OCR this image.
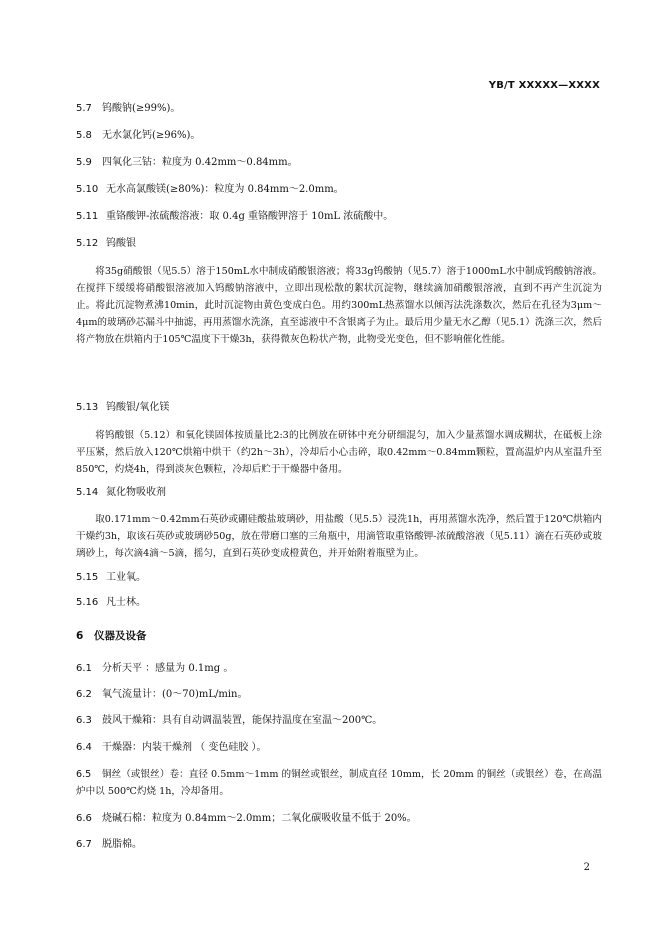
YB/T XXXXX—XXXX

5.7 钨酸钠(≥99%)。

5.8 无水氯化钙(≥96%)。

5.9 四氧化三钴：粒度为 0.42mm～0.84mm。

5.10 无水高氯酸镁(≥80%)：粒度为 0.84mm～2.0mm。

5.11 重铬酸钾-浓硫酸溶液：取 0.4g 重铬酸钾溶于 10mL 浓硫酸中。

5.12 钨酸银

将35g硝酸银（见5.5）溶于150mL水中制成硝酸银溶液；将33g钨酸钠（见5.7）溶于1000mL水中制成钨酸钠溶液。在搅拌下缓缓将硝酸银溶液加入钨酸钠溶液中，立即出现松散的絮状沉淀物，继续滴加硝酸银溶液，直到不再产生沉淀为止。将此沉淀物煮沸10min，此时沉淀物由黄色变成白色。用约300mL热蒸馏水以倾泻法洗涤数次，然后在孔径为3μm～4μm的玻璃砂芯漏斗中抽滤，再用蒸馏水洗涤，直至滤液中不含银离子为止。最后用少量无水乙醇（见5.1）洗涤三次，然后将产物放在烘箱内于105℃温度下干燥3h，获得微灰色粉状产物，此物受光变色，但不影响催化性能。

5.13 钨酸银/氧化镁

将钨酸银（5.12）和氧化镁固体按质量比2:3的比例放在研钵中充分研细混匀，加入少量蒸馏水调成糊状，在砥板上涂平压紧，然后放入120℃烘箱中烘干（约2h～3h），冷却后小心击碎，取0.42mm～0.84mm颗粒，置高温炉内从室温升至850℃，灼烧4h，得到淡灰色颗粒，冷却后贮于干燥器中备用。

5.14 氮化物吸收剂

取0.171mm～0.42mm石英砂或硼硅酸盐玻璃砂，用盐酸（见5.5）浸洗1h，再用蒸馏水洗净，然后置于120℃烘箱内干燥约3h，取该石英砂或玻璃砂50g，放在带磨口塞的三角瓶中，用滴管取重铬酸钾-浓硫酸溶液（见5.11）滴在石英砂或玻璃砂上，每次滴4滴～5滴，摇匀，直到石英砂变成橙黄色，并开始附着瓶壁为止。

5.15 工业氧。

5.16 凡士林。

6 仪器及设备

6.1 分析天平 ：感量为 0.1mg 。

6.2 氧气流量计：(0～70)mL/min。

6.3 鼓风干燥箱：具有自动调温装置，能保持温度在室温～200℃。

6.4 干燥器：内装干燥剂 （ 变色硅胶 ）。

6.5 铜丝（或银丝）卷：直径 0.5mm～1mm 的铜丝或银丝，制成直径 10mm，长 20mm 的铜丝（或银丝）卷，在高温炉中以 500℃灼烧 1h，冷却备用。

6.6 烧碱石棉：粒度为 0.84mm～2.0mm；二氧化碳吸收量不低于 20%。

6.7 脱脂棉。

2
